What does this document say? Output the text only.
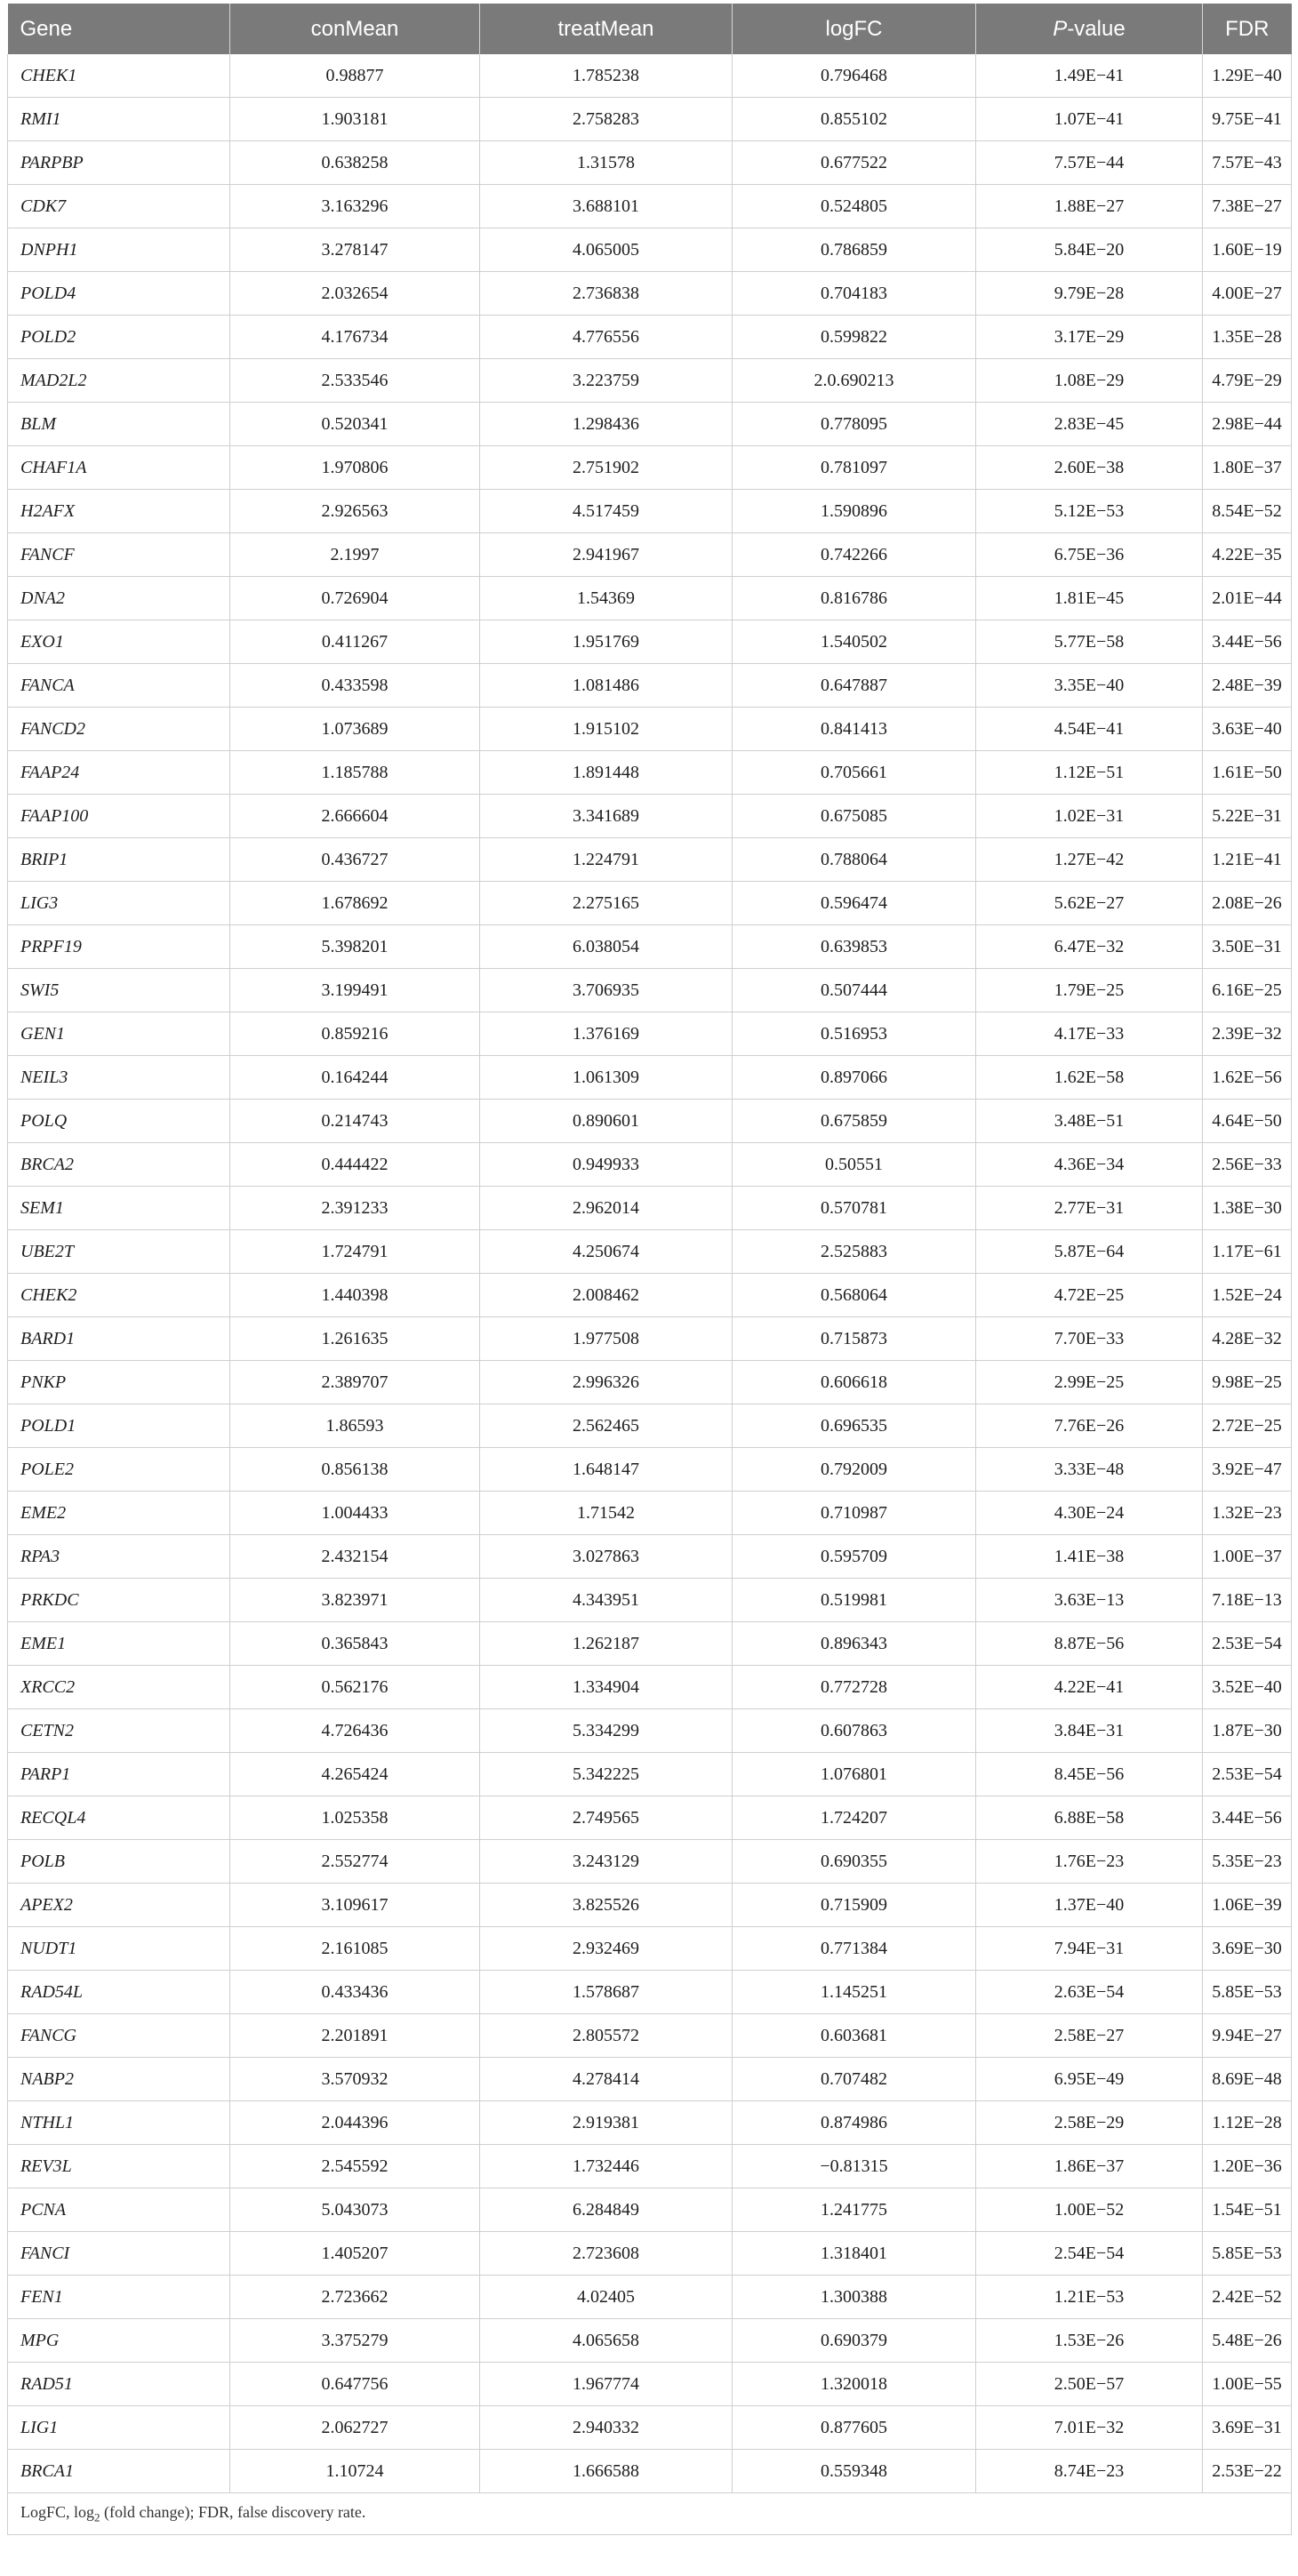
Gene	conMean	treatMean	logFC	P-value	FDR
CHEK1	0.98877	1.785238	0.796468	1.49E−41	1.29E−40
RMI1	1.903181	2.758283	0.855102	1.07E−41	9.75E−41
PARPBP	0.638258	1.31578	0.677522	7.57E−44	7.57E−43
CDK7	3.163296	3.688101	0.524805	1.88E−27	7.38E−27
DNPH1	3.278147	4.065005	0.786859	5.84E−20	1.60E−19
POLD4	2.032654	2.736838	0.704183	9.79E−28	4.00E−27
POLD2	4.176734	4.776556	0.599822	3.17E−29	1.35E−28
MAD2L2	2.533546	3.223759	2.0.690213	1.08E−29	4.79E−29
BLM	0.520341	1.298436	0.778095	2.83E−45	2.98E−44
CHAF1A	1.970806	2.751902	0.781097	2.60E−38	1.80E−37
H2AFX	2.926563	4.517459	1.590896	5.12E−53	8.54E−52
FANCF	2.1997	2.941967	0.742266	6.75E−36	4.22E−35
DNA2	0.726904	1.54369	0.816786	1.81E−45	2.01E−44
EXO1	0.411267	1.951769	1.540502	5.77E−58	3.44E−56
FANCA	0.433598	1.081486	0.647887	3.35E−40	2.48E−39
FANCD2	1.073689	1.915102	0.841413	4.54E−41	3.63E−40
FAAP24	1.185788	1.891448	0.705661	1.12E−51	1.61E−50
FAAP100	2.666604	3.341689	0.675085	1.02E−31	5.22E−31
BRIP1	0.436727	1.224791	0.788064	1.27E−42	1.21E−41
LIG3	1.678692	2.275165	0.596474	5.62E−27	2.08E−26
PRPF19	5.398201	6.038054	0.639853	6.47E−32	3.50E−31
SWI5	3.199491	3.706935	0.507444	1.79E−25	6.16E−25
GEN1	0.859216	1.376169	0.516953	4.17E−33	2.39E−32
NEIL3	0.164244	1.061309	0.897066	1.62E−58	1.62E−56
POLQ	0.214743	0.890601	0.675859	3.48E−51	4.64E−50
BRCA2	0.444422	0.949933	0.50551	4.36E−34	2.56E−33
SEM1	2.391233	2.962014	0.570781	2.77E−31	1.38E−30
UBE2T	1.724791	4.250674	2.525883	5.87E−64	1.17E−61
CHEK2	1.440398	2.008462	0.568064	4.72E−25	1.52E−24
BARD1	1.261635	1.977508	0.715873	7.70E−33	4.28E−32
PNKP	2.389707	2.996326	0.606618	2.99E−25	9.98E−25
POLD1	1.86593	2.562465	0.696535	7.76E−26	2.72E−25
POLE2	0.856138	1.648147	0.792009	3.33E−48	3.92E−47
EME2	1.004433	1.71542	0.710987	4.30E−24	1.32E−23
RPA3	2.432154	3.027863	0.595709	1.41E−38	1.00E−37
PRKDC	3.823971	4.343951	0.519981	3.63E−13	7.18E−13
EME1	0.365843	1.262187	0.896343	8.87E−56	2.53E−54
XRCC2	0.562176	1.334904	0.772728	4.22E−41	3.52E−40
CETN2	4.726436	5.334299	0.607863	3.84E−31	1.87E−30
PARP1	4.265424	5.342225	1.076801	8.45E−56	2.53E−54
RECQL4	1.025358	2.749565	1.724207	6.88E−58	3.44E−56
POLB	2.552774	3.243129	0.690355	1.76E−23	5.35E−23
APEX2	3.109617	3.825526	0.715909	1.37E−40	1.06E−39
NUDT1	2.161085	2.932469	0.771384	7.94E−31	3.69E−30
RAD54L	0.433436	1.578687	1.145251	2.63E−54	5.85E−53
FANCG	2.201891	2.805572	0.603681	2.58E−27	9.94E−27
NABP2	3.570932	4.278414	0.707482	6.95E−49	8.69E−48
NTHL1	2.044396	2.919381	0.874986	2.58E−29	1.12E−28
REV3L	2.545592	1.732446	−0.81315	1.86E−37	1.20E−36
PCNA	5.043073	6.284849	1.241775	1.00E−52	1.54E−51
FANCI	1.405207	2.723608	1.318401	2.54E−54	5.85E−53
FEN1	2.723662	4.02405	1.300388	1.21E−53	2.42E−52
MPG	3.375279	4.065658	0.690379	1.53E−26	5.48E−26
RAD51	0.647756	1.967774	1.320018	2.50E−57	1.00E−55
LIG1	2.062727	2.940332	0.877605	7.01E−32	3.69E−31
BRCA1	1.10724	1.666588	0.559348	8.74E−23	2.53E−22
LogFC, $\log_2$ (fold change); FDR, false discovery rate.					
